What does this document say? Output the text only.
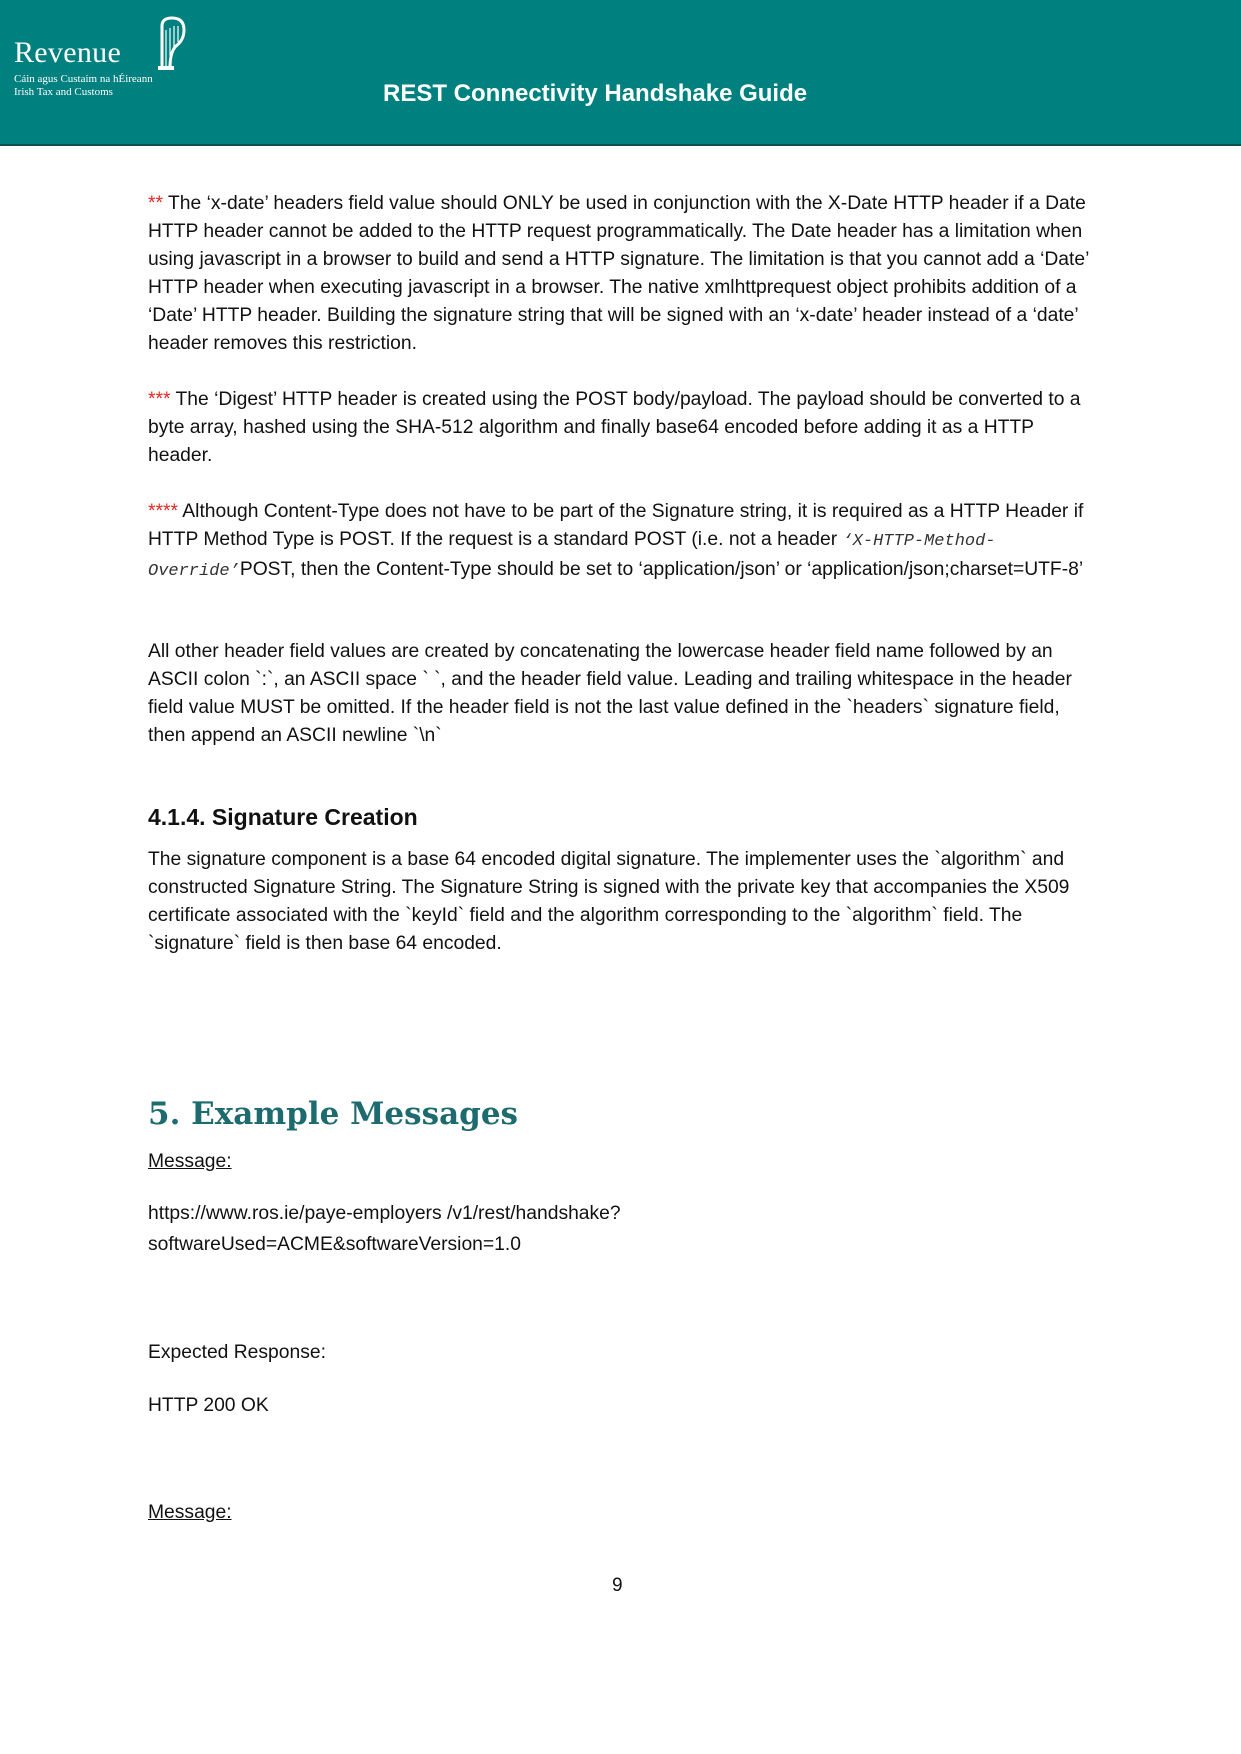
Revenue
Cáin agus Custaim na hÉireann
Irish Tax and Customs	REST Connectivity Handshake Guide

** The ‘x-date’ headers field value should ONLY be used in conjunction with the X-Date HTTP header if a Date HTTP header cannot be added to the HTTP request programmatically. The Date header has a limitation when using javascript in a browser to build and send a HTTP signature. The limitation is that you cannot add a ‘Date’ HTTP header when executing javascript in a browser. The native xmlhttprequest object prohibits addition of a ‘Date’ HTTP header. Building the signature string that will be signed with an ‘x-date’ header instead of a ‘date’ header removes this restriction.

*** The ‘Digest’ HTTP header is created using the POST body/payload. The payload should be converted to a byte array, hashed using the SHA-512 algorithm and finally base64 encoded before adding it as a HTTP header.

**** Although Content-Type does not have to be part of the Signature string, it is required as a HTTP Header if HTTP Method Type is POST. If the request is a standard POST (i.e. not a header ‘X-HTTP-Method-Override’POST, then the Content-Type should be set to ‘application/json’ or ‘application/json;charset=UTF-8’

All other header field values are created by concatenating the lowercase header field name followed by an ASCII colon `:`, an ASCII space ` `, and the header field value. Leading and trailing whitespace in the header field value MUST be omitted. If the header field is not the last value defined in the `headers` signature field, then append an ASCII newline `\n`

4.1.4. Signature Creation

The signature component is a base 64 encoded digital signature. The implementer uses the `algorithm` and constructed Signature String. The Signature String is signed with the private key that accompanies the X509 certificate associated with the `keyId` field and the algorithm corresponding to the `algorithm` field. The `signature` field is then base 64 encoded.

5. Example Messages

Message:

https://www.ros.ie/paye-employers /v1/rest/handshake?

softwareUsed=ACME&softwareVersion=1.0

Expected Response:

HTTP 200 OK

Message:

9
